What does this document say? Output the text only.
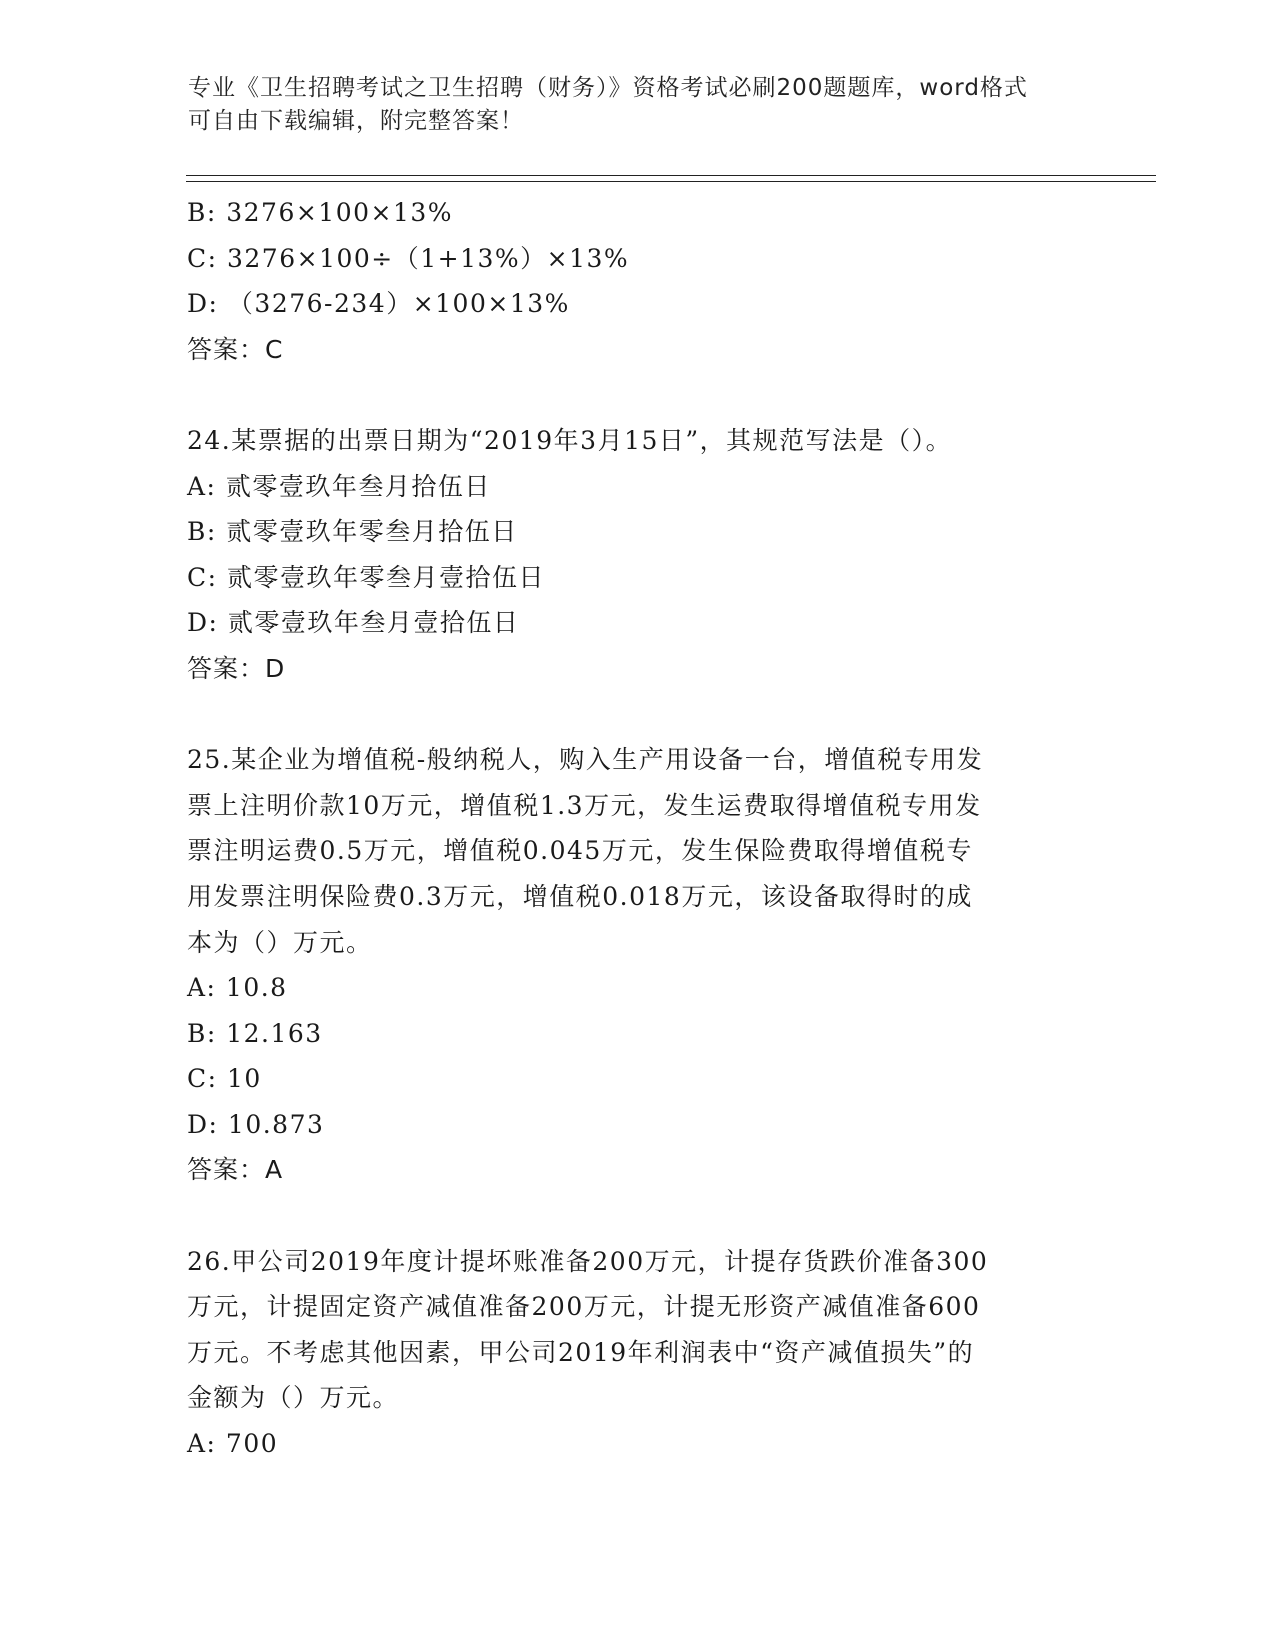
专业《卫生招聘考试之卫生招聘（财务）》资格考试必刷200题题库，word格式
可自由下载编辑，附完整答案！
B: 3276×100×13%
C: 3276×100÷（1+13%）×13%
D: （3276-234）×100×13%
答案：C
24.某票据的出票日期为“2019年3月15日”，其规范写法是（）。
A: 贰零壹玖年叁月拾伍日
B: 贰零壹玖年零叁月拾伍日
C: 贰零壹玖年零叁月壹拾伍日
D: 贰零壹玖年叁月壹拾伍日
答案：D
25.某企业为增值税-般纳税人，购入生产用设备一台，增值税专用发
票上注明价款10万元，增值税1.3万元，发生运费取得增值税专用发
票注明运费0.5万元，增值税0.045万元，发生保险费取得增值税专
用发票注明保险费0.3万元，增值税0.018万元，该设备取得时的成
本为（）万元。
A: 10.8
B: 12.163
C: 10
D: 10.873
答案：A
26.甲公司2019年度计提坏账准备200万元，计提存货跌价准备300
万元，计提固定资产减值准备200万元，计提无形资产减值准备600
万元。不考虑其他因素，甲公司2019年利润表中“资产减值损失”的
金额为（）万元。
A: 700
